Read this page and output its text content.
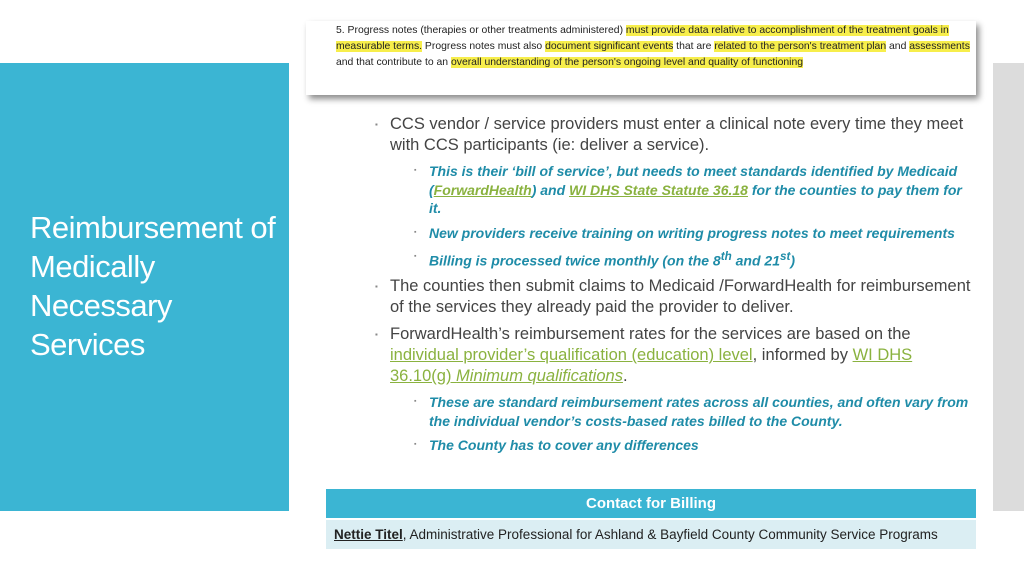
Reimbursement of Medically Necessary Services
5. Progress notes (therapies or other treatments administered) must provide data relative to accomplishment of the treatment goals in measurable terms. Progress notes must also document significant events that are related to the person's treatment plan and assessments and that contribute to an overall understanding of the person's ongoing level and quality of functioning
▪ CCS vendor / service providers must enter a clinical note every time they meet with CCS participants (ie: deliver a service).
▪ This is their ‘bill of service’, but needs to meet standards identified by Medicaid (ForwardHealth) and WI DHS State Statute 36.18 for the counties to pay them for it.
▪ New providers receive training on writing progress notes to meet requirements
▪ Billing is processed twice monthly (on the 8th and 21st)
▪ The counties then submit claims to Medicaid /ForwardHealth for reimbursement of the services they already paid the provider to deliver.
▪ ForwardHealth’s reimbursement rates for the services are based on the individual provider’s qualification (education) level, informed by WI DHS 36.10(g) Minimum qualifications.
▪ These are standard reimbursement rates across all counties, and often vary from the individual vendor’s costs-based rates billed to the County.
▪ The County has to cover any differences
Contact for Billing
Nettie Titel , Administrative Professional for Ashland & Bayfield County Community Service Programs
